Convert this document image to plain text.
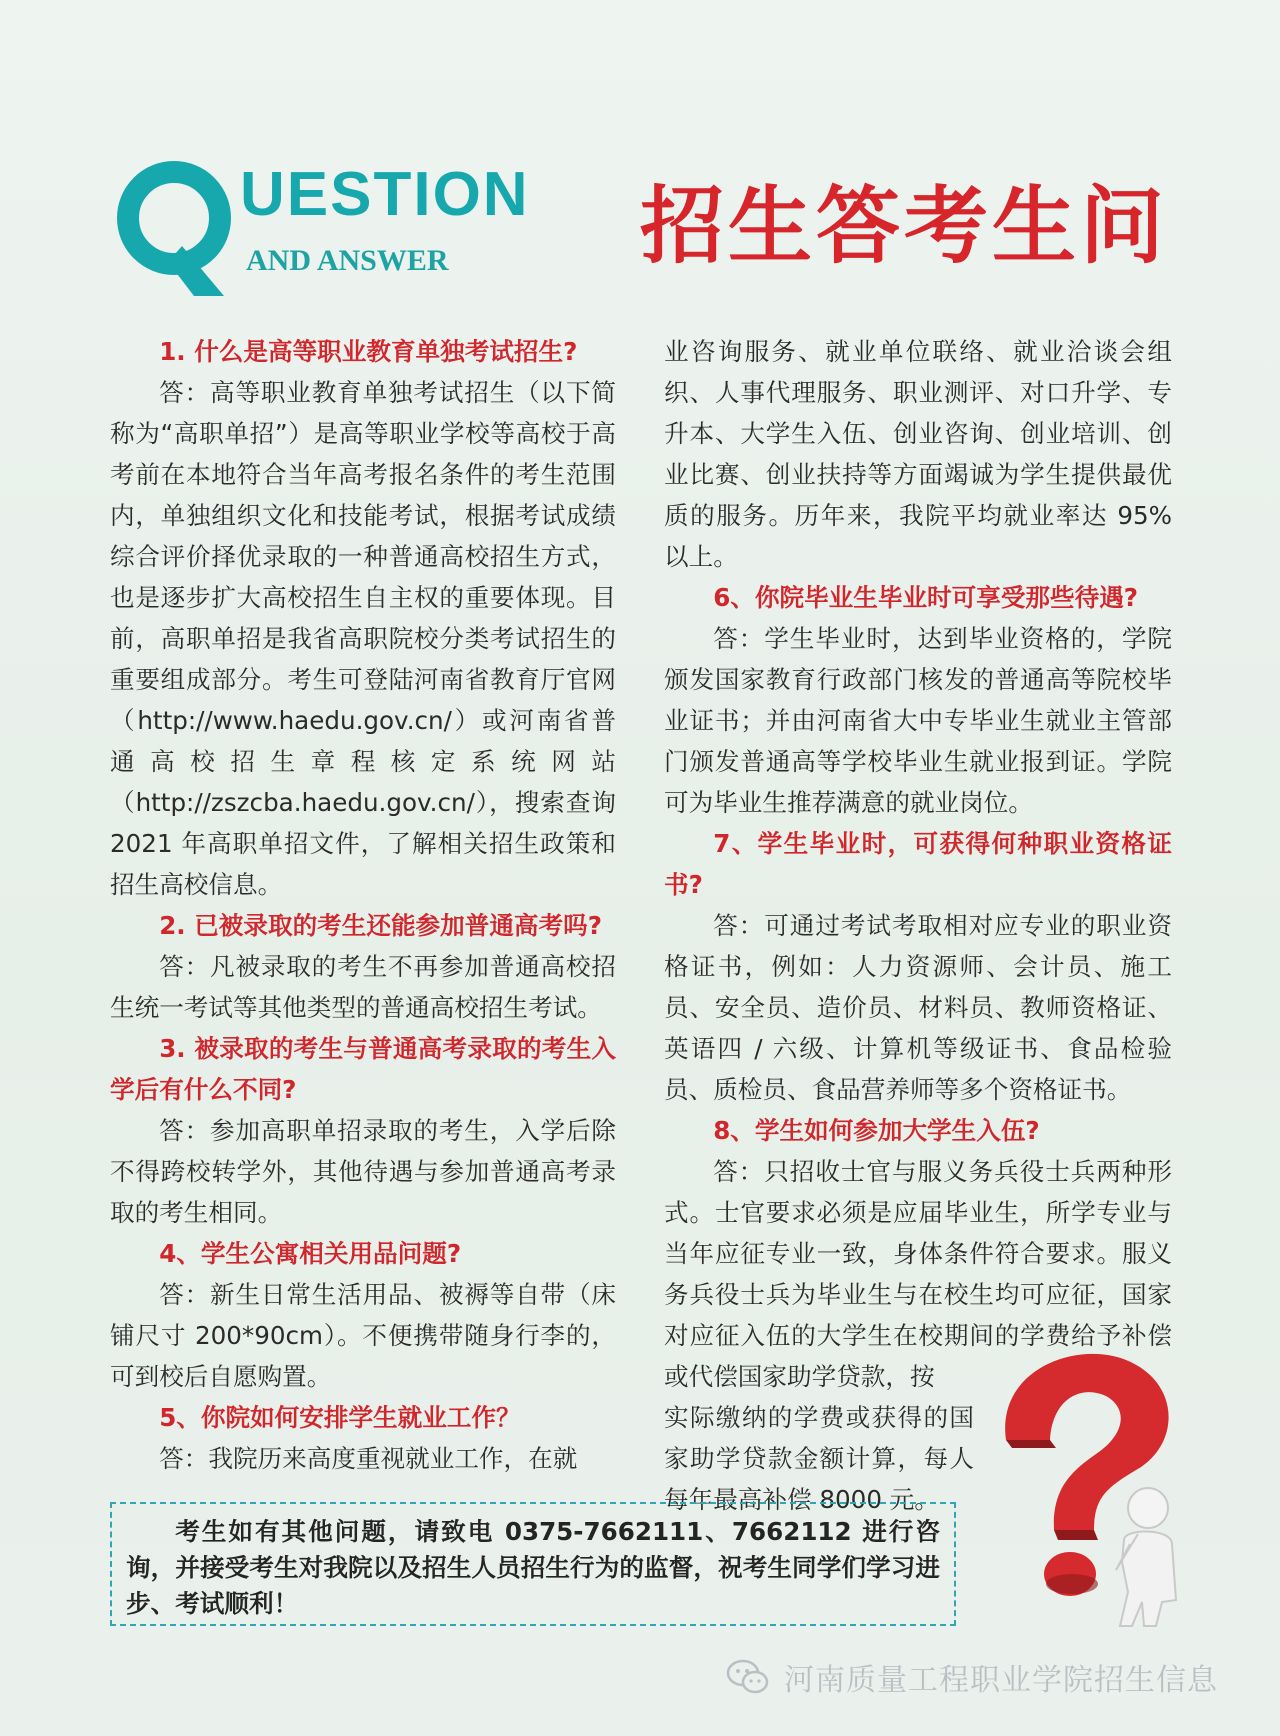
UESTION
AND ANSWER 招生答考生问
1. 什么是高等职业教育单独考试招生?
答：高等职业教育单独考试招生（以下简称为“高职单招”）是高等职业学校等高校于高考前在本地符合当年高考报名条件的考生范围内，单独组织文化和技能考试，根据考试成绩综合评价择优录取的一种普通高校招生方式，也是逐步扩大高校招生自主权的重要体现。目前，高职单招是我省高职院校分类考试招生的重要组成部分。考生可登陆河南省教育厅官网（http://www.haedu.gov.cn/）或河南省普通高校招生章程核定系统网站（http://zszcba.haedu.gov.cn/），搜索查询 2021 年高职单招文件，了解相关招生政策和招生高校信息。
2. 已被录取的考生还能参加普通高考吗?
答：凡被录取的考生不再参加普通高校招生统一考试等其他类型的普通高校招生考试。
3. 被录取的考生与普通高考录取的考生入学后有什么不同?
答：参加高职单招录取的考生，入学后除不得跨校转学外，其他待遇与参加普通高考录取的考生相同。
4、学生公寓相关用品问题?
答：新生日常生活用品、被褥等自带（床铺尺寸 200*90cm）。不便携带随身行李的，可到校后自愿购置。
5、你院如何安排学生就业工作？
答：我院历来高度重视就业工作，在就
业咨询服务、就业单位联络、就业洽谈会组织、人事代理服务、职业测评、对口升学、专升本、大学生入伍、创业咨询、创业培训、创业比赛、创业扶持等方面竭诚为学生提供最优质的服务。历年来，我院平均就业率达 95% 以上。
6、你院毕业生毕业时可享受那些待遇?
答：学生毕业时，达到毕业资格的，学院颁发国家教育行政部门核发的普通高等院校毕业证书；并由河南省大中专毕业生就业主管部门颁发普通高等学校毕业生就业报到证。学院可为毕业生推荐满意的就业岗位。
7、学生毕业时，可获得何种职业资格证书?
答：可通过考试考取相对应专业的职业资格证书，例如：人力资源师、会计员、施工员、安全员、造价员、材料员、教师资格证、英语四 / 六级、计算机等级证书、食品检验员、质检员、食品营养师等多个资格证书。
8、学生如何参加大学生入伍?
答：只招收士官与服义务兵役士兵两种形式。士官要求必须是应届毕业生，所学专业与当年应征专业一致，身体条件符合要求。服义务兵役士兵为毕业生与在校生均可应征，国家对应征入伍的大学生在校期间的学费给予补偿或代偿国家助学贷款，按
实际缴纳的学费或获得的国家助学贷款金额计算，每人每年最高补偿 8000 元。
考生如有其他问题，请致电 0375-7662111、7662112 进行咨询，并接受考生对我院以及招生人员招生行为的监督，祝考生同学们学习进步、考试顺利！
河南质量工程职业学院招生信息
